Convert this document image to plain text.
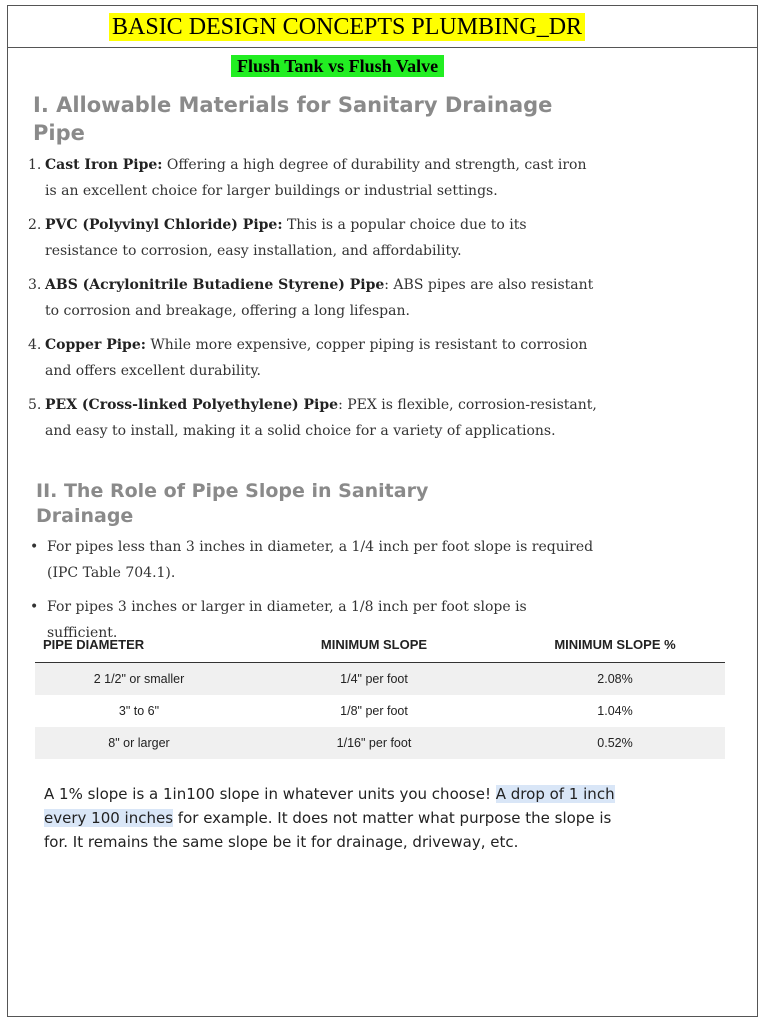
BASIC DESIGN CONCEPTS PLUMBING_DR
Flush Tank vs Flush Valve
I. Allowable Materials for Sanitary Drainage Pipe
1. Cast Iron Pipe: Offering a high degree of durability and strength, cast iron is an excellent choice for larger buildings or industrial settings.
2. PVC (Polyvinyl Chloride) Pipe: This is a popular choice due to its resistance to corrosion, easy installation, and affordability.
3. ABS (Acrylonitrile Butadiene Styrene) Pipe: ABS pipes are also resistant to corrosion and breakage, offering a long lifespan.
4. Copper Pipe: While more expensive, copper piping is resistant to corrosion and offers excellent durability.
5. PEX (Cross-linked Polyethylene) Pipe: PEX is flexible, corrosion-resistant, and easy to install, making it a solid choice for a variety of applications.
II. The Role of Pipe Slope in Sanitary Drainage
• For pipes less than 3 inches in diameter, a 1/4 inch per foot slope is required (IPC Table 704.1).
• For pipes 3 inches or larger in diameter, a 1/8 inch per foot slope is sufficient.
PIPE DIAMETER	MINIMUM SLOPE	MINIMUM SLOPE %
2 1/2" or smaller	1/4" per foot	2.08%
3" to 6"	1/8" per foot	1.04%
8" or larger	1/16" per foot	0.52%

A 1% slope is a 1in100 slope in whatever units you choose! A drop of 1 inch every 100 inches for example. It does not matter what purpose the slope is for. It remains the same slope be it for drainage, driveway, etc.
